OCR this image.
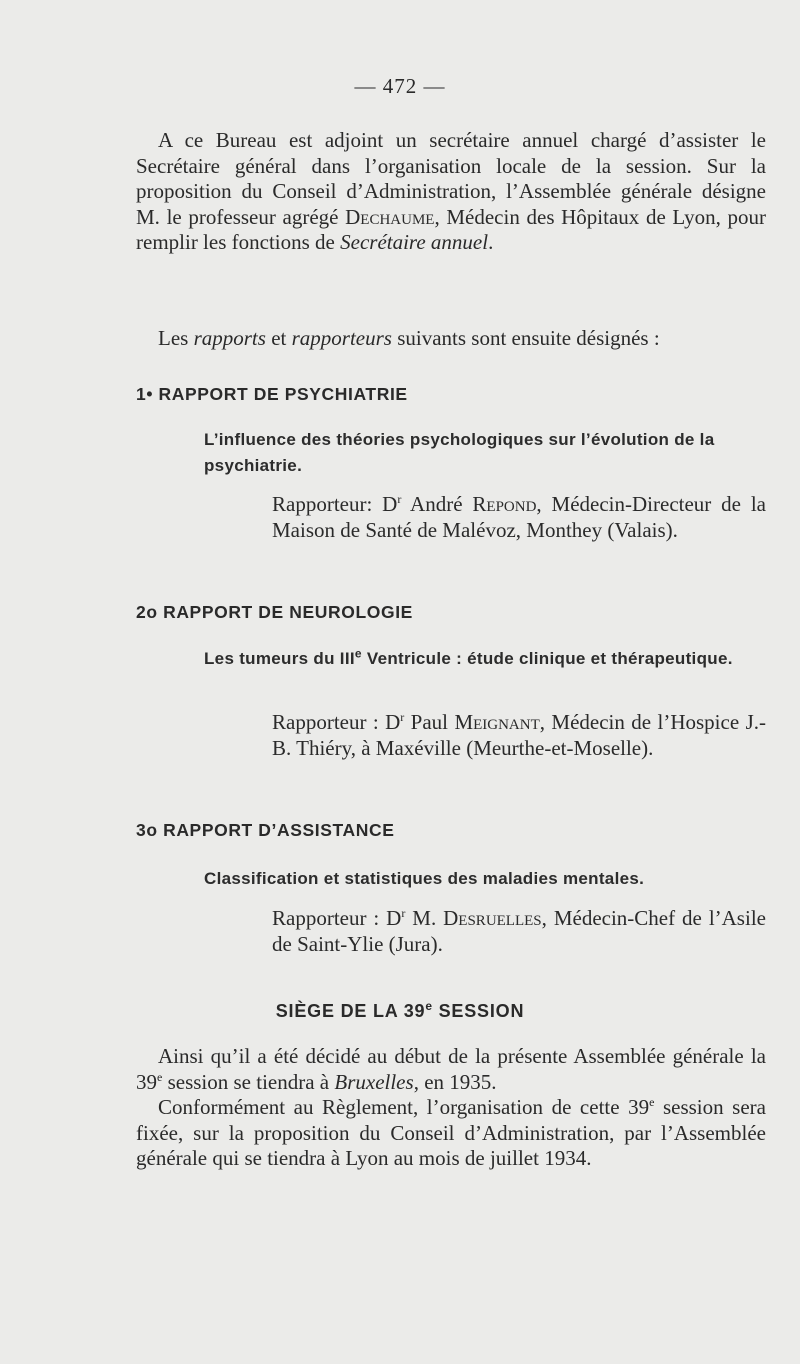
— 472 —

A ce Bureau est adjoint un secrétaire annuel chargé d’assister le Secrétaire général dans l’organisation locale de la session. Sur la proposition du Conseil d’Administration, l’Assemblée générale désigne M. le professeur agrégé Dechaume, Médecin des Hôpitaux de Lyon, pour remplir les fonctions de Secrétaire annuel.

Les rapports et rapporteurs suivants sont ensuite désignés :

1• RAPPORT DE PSYCHIATRIE

L’influence des théories psychologiques sur l’évolution de la psychiatrie.

Rapporteur: $D^r$ André Repond, Médecin-Directeur de la Maison de Santé de Malévoz, Monthey (Valais).

2o RAPPORT DE NEUROLOGIE

Les tumeurs du IIIe Ventricule : étude clinique et thérapeutique.

Rapporteur : $D^r$ Paul Meignant, Médecin de l’Hospice J.-B. Thiéry, à Maxéville (Meurthe-et-Moselle).

3o RAPPORT D’ASSISTANCE

Classification et statistiques des maladies mentales.

Rapporteur : $D^r$ M. Desruelles, Médecin-Chef de l’Asile de Saint-Ylie (Jura).

SIÈGE DE LA 39e SESSION

Ainsi qu’il a été décidé au début de la présente Assemblée générale la 39e session se tiendra à Bruxelles, en 1935.

Conformément au Règlement, l’organisation de cette 39e session sera fixée, sur la proposition du Conseil d’Administration, par l’Assemblée générale qui se tiendra à Lyon au mois de juillet 1934.
